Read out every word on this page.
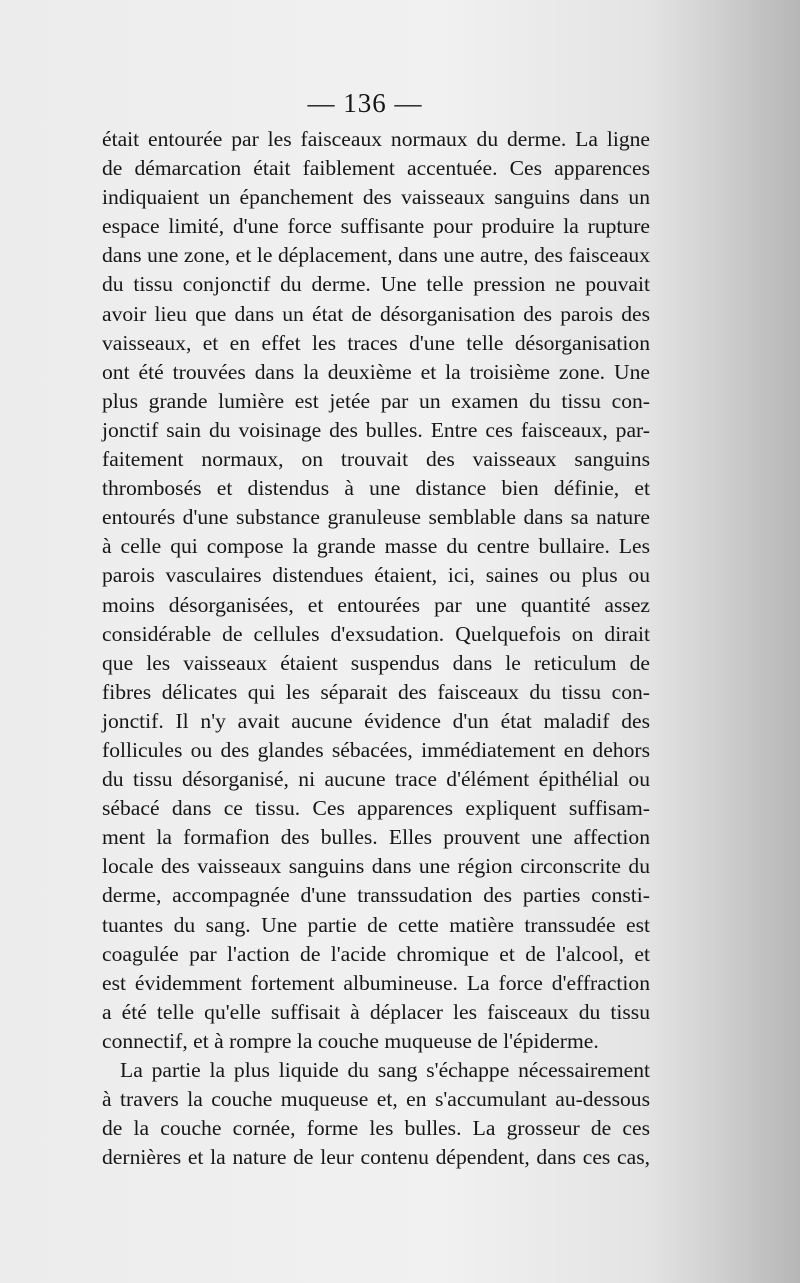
— 136 —
était entourée par les faisceaux normaux du derme. La ligne
de démarcation était faiblement accentuée. Ces apparences
indiquaient un épanchement des vaisseaux sanguins dans un
espace limité, d'une force suffisante pour produire la rupture
dans une zone, et le déplacement, dans une autre, des faisceaux
du tissu conjonctif du derme. Une telle pression ne pouvait
avoir lieu que dans un état de désorganisation des parois des
vaisseaux, et en effet les traces d'une telle désorganisation
ont été trouvées dans la deuxième et la troisième zone. Une
plus grande lumière est jetée par un examen du tissu con-
jonctif sain du voisinage des bulles. Entre ces faisceaux, par-
faitement normaux, on trouvait des vaisseaux sanguins
thrombosés et distendus à une distance bien définie, et
entourés d'une substance granuleuse semblable dans sa nature
à celle qui compose la grande masse du centre bullaire. Les
parois vasculaires distendues étaient, ici, saines ou plus ou
moins désorganisées, et entourées par une quantité assez
considérable de cellules d'exsudation. Quelquefois on dirait
que les vaisseaux étaient suspendus dans le reticulum de
fibres délicates qui les séparait des faisceaux du tissu con-
jonctif. Il n'y avait aucune évidence d'un état maladif des
follicules ou des glandes sébacées, immédiatement en dehors
du tissu désorganisé, ni aucune trace d'élément épithélial ou
sébacé dans ce tissu. Ces apparences expliquent suffisam-
ment la formafion des bulles. Elles prouvent une affection
locale des vaisseaux sanguins dans une région circonscrite du
derme, accompagnée d'une transsudation des parties consti-
tuantes du sang. Une partie de cette matière transsudée est
coagulée par l'action de l'acide chromique et de l'alcool, et
est évidemment fortement albumineuse. La force d'effraction
a été telle qu'elle suffisait à déplacer les faisceaux du tissu
connectif, et à rompre la couche muqueuse de l'épiderme.
La partie la plus liquide du sang s'échappe nécessairement
à travers la couche muqueuse et, en s'accumulant au-dessous
de la couche cornée, forme les bulles. La grosseur de ces
dernières et la nature de leur contenu dépendent, dans ces cas,
